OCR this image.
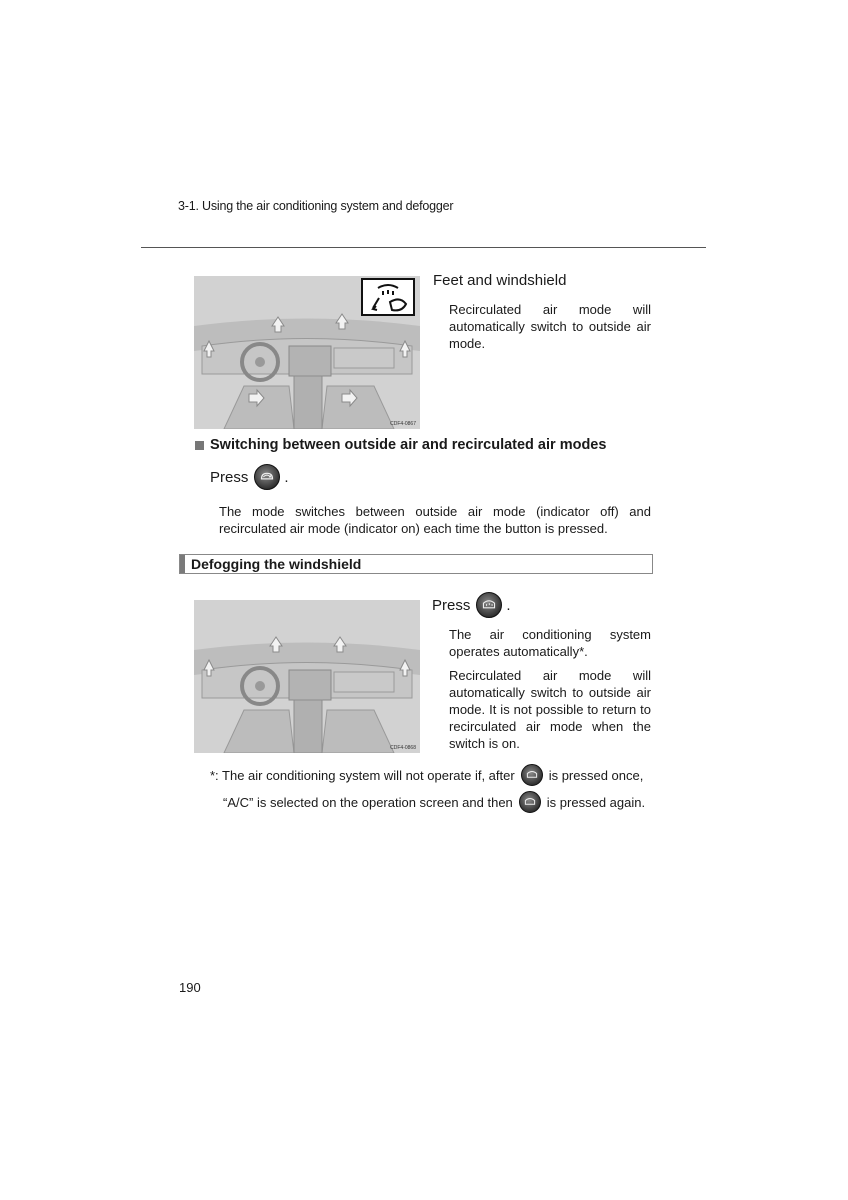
3-1. Using the air conditioning system and defogger
CDF4-0867
Feet and windshield
Recirculated air mode will automatically switch to outside air mode.
Switching between outside air and recirculated air modes
Press .
The mode switches between outside air mode (indicator off) and recirculated air mode (indicator on) each time the button is pressed.
Defogging the windshield
CDF4-0868
Press .
The air conditioning system operates automatically*.
Recirculated air mode will automatically switch to outside air mode. It is not possible to return to recirculated air mode when the switch is on.
*: The air conditioning system will not operate if, after	is pressed once,
“A/C” is selected on the operation screen and then	is pressed again.
190
